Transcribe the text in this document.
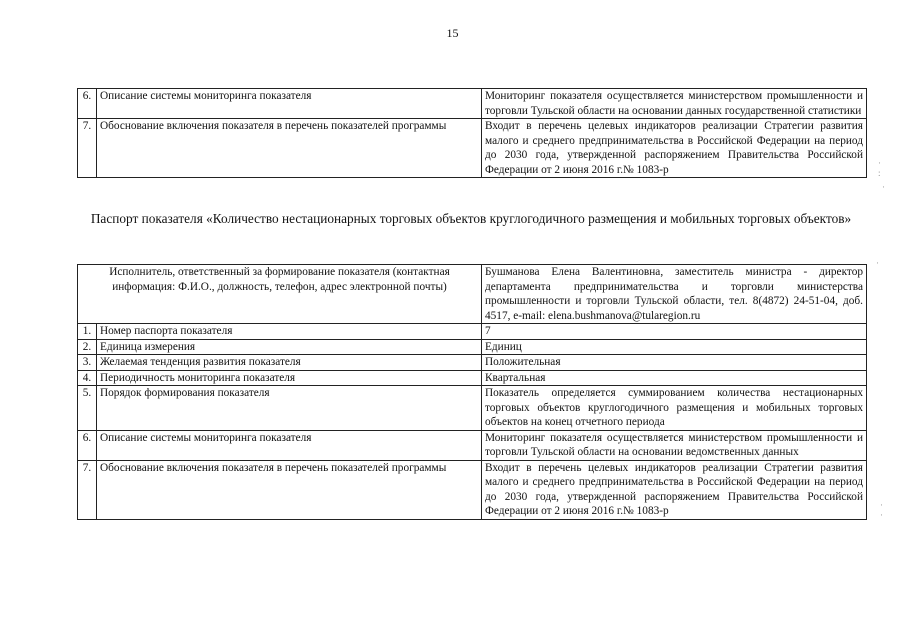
15
6.	Описание системы мониторинга показателя	Мониторинг показателя осуществляется министерством промышленности и торговли Тульской области на основании данных государственной статистики
7.	Обоснование включения показателя в перечень показателей программы	Входит в перечень целевых индикаторов реализации Стратегии развития малого и среднего предпринимательства в Российской Федерации на период до 2030 года, утвержденной распоряжением Правительства Российской Федерации от 2 июня 2016 г.№ 1083-р
Паспорт показателя «Количество нестационарных торговых объектов круглогодичного размещения и мобильных торговых объектов»
Исполнитель, ответственный за формирование показателя (контактная информация: Ф.И.О., должность, телефон, адрес электронной почты)		Бушманова Елена Валентиновна, заместитель министра - директор департамента предпринимательства и торговли министерства промышленности и торговли Тульской области, тел. 8(4872) 24-51-04, доб. 4517, e-mail: elena.bushmanova@tularegion.ru
1.	Номер паспорта показателя	7
2.	Единица измерения	Единиц
3.	Желаемая тенденция развития показателя	Положительная
4.	Периодичность мониторинга показателя	Квартальная
5.	Порядок формирования показателя	Показатель определяется суммированием количества нестационарных торговых объектов круглогодичного размещения и мобильных торговых объектов на конец отчетного периода
6.	Описание системы мониторинга показателя	Мониторинг показателя осуществляется министерством промышленности и торговли Тульской области на основании ведомственных данных
7.	Обоснование включения показателя в перечень показателей программы	Входит в перечень целевых индикаторов реализации Стратегии развития малого и среднего предпринимательства в Российской Федерации на период до 2030 года, утвержденной распоряжением Правительства Российской Федерации от 2 июня 2016 г.№ 1083-р
·
:
·
·
·
·
